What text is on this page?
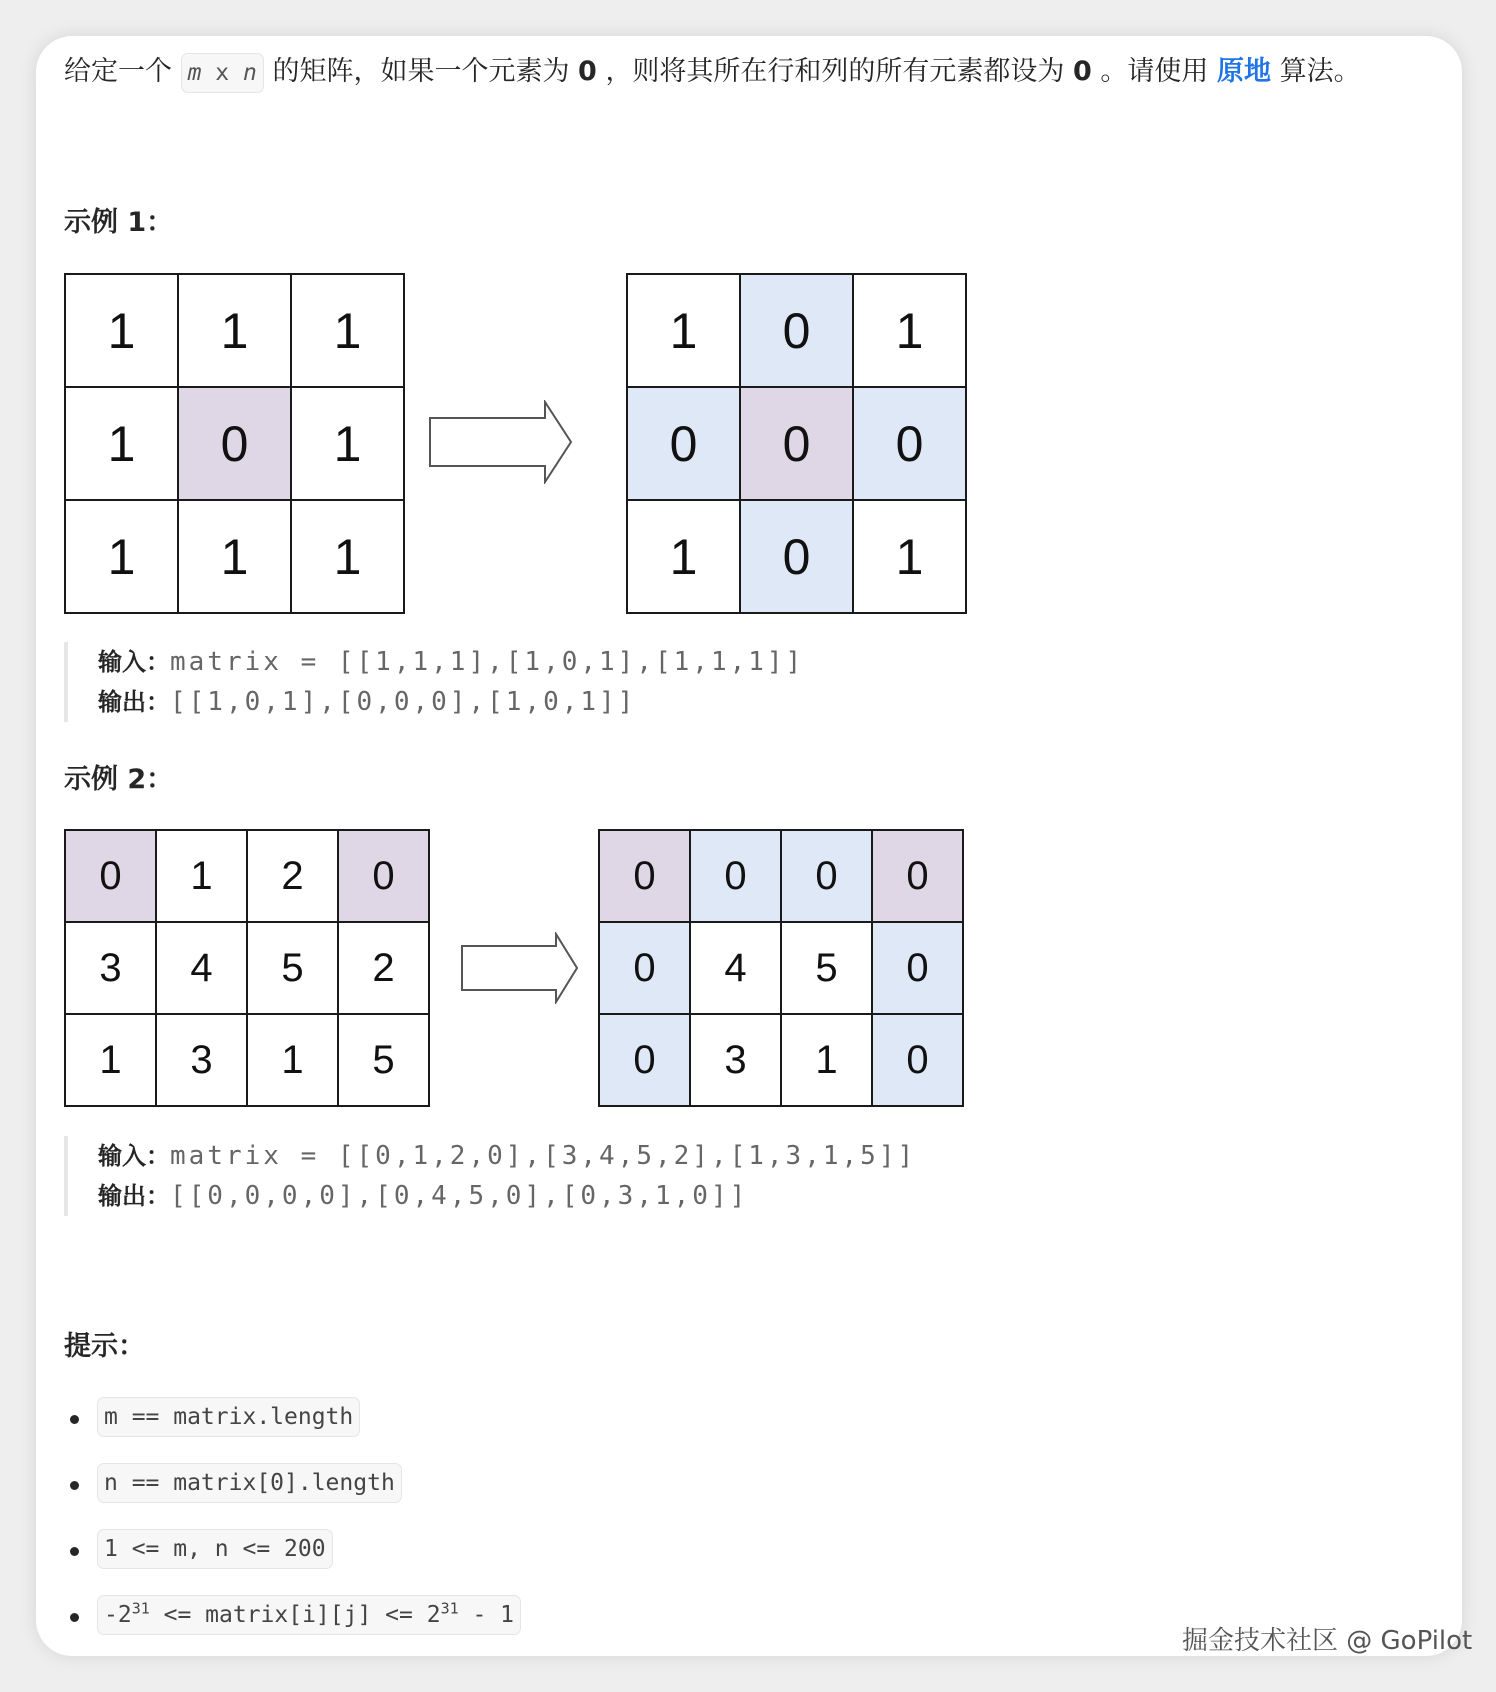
给定一个 m x n 的矩阵，如果一个元素为 0 ，则将其所在行和列的所有元素都设为 0 。请使用 原地 算法。
示例 1：
1	1	1
1	0	1
1	1	1
1	0	1
0	0	0
1	0	1
输入：matrix = [[1,1,1],[1,0,1],[1,1,1]]
输出：[[1,0,1],[0,0,0],[1,0,1]]
示例 2：
0	1	2	0
3	4	5	2
1	3	1	5
0	0	0	0
0	4	5	0
0	3	1	0
输入：matrix = [[0,1,2,0],[3,4,5,2],[1,3,1,5]]
输出：[[0,0,0,0],[0,4,5,0],[0,3,1,0]]
提示：
m == matrix.length
n == matrix[0].length
1 <= m, n <= 200
$-2^{31}$ <= matrix[i][j] <= $2^{31} - 1$
掘金技术社区 @ GoPilot
